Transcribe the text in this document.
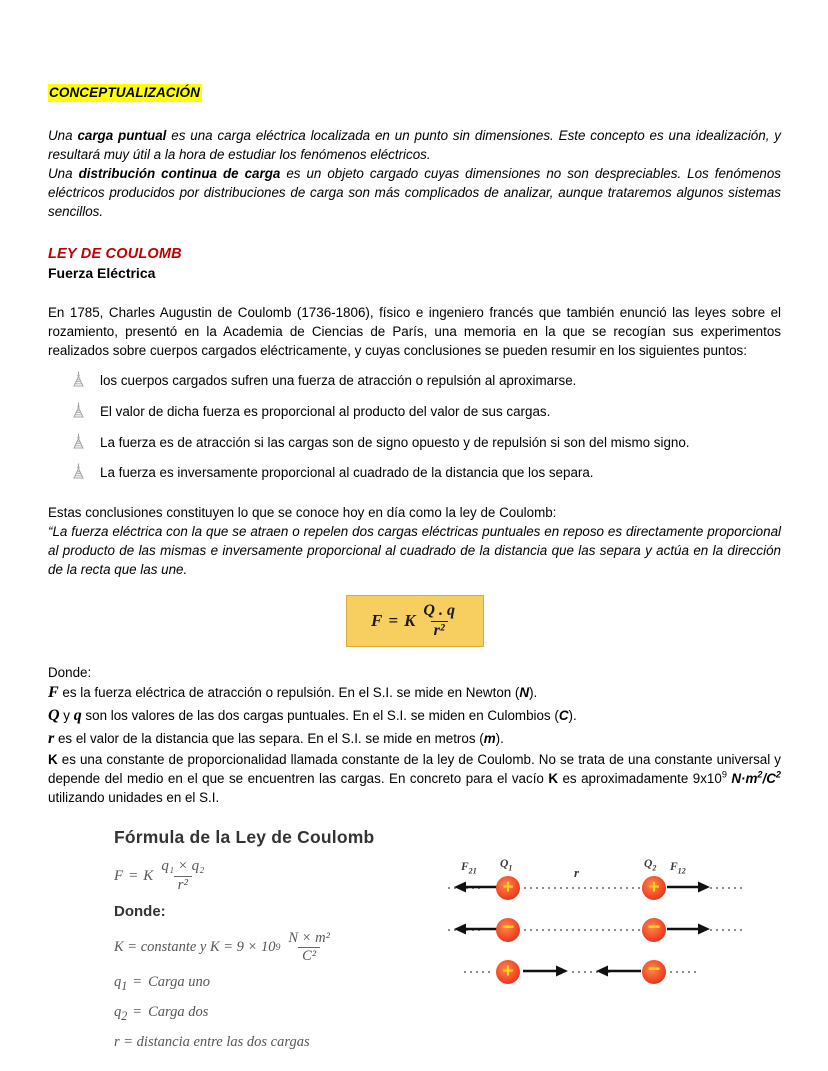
CONCEPTUALIZACIÓN

Una carga puntual es una carga eléctrica localizada en un punto sin dimensiones. Este concepto es una idealización, y resultará muy útil a la hora de estudiar los fenómenos eléctricos.

Una distribución continua de carga es un objeto cargado cuyas dimensiones no son despreciables. Los fenómenos eléctricos producidos por distribuciones de carga son más complicados de analizar, aunque trataremos algunos sistemas sencillos.

LEY DE COULOMB
Fuerza Eléctrica

En 1785, Charles Augustin de Coulomb (1736-1806), físico e ingeniero francés que también enunció las leyes sobre el rozamiento, presentó en la Academia de Ciencias de París, una memoria en la que se recogían sus experimentos realizados sobre cuerpos cargados eléctricamente, y cuyas conclusiones se pueden resumir en los siguientes puntos:

los cuerpos cargados sufren una fuerza de atracción o repulsión al aproximarse.
El valor de dicha fuerza es proporcional al producto del valor de sus cargas.
La fuerza es de atracción si las cargas son de signo opuesto y de repulsión si son del mismo signo.
La fuerza es inversamente proporcional al cuadrado de la distancia que los separa.

Estas conclusiones constituyen lo que se conoce hoy en día como la ley de Coulomb:

“La fuerza eléctrica con la que se atraen o repelen dos cargas eléctricas puntuales en reposo es directamente proporcional al producto de las mismas e inversamente proporcional al cuadrado de la distancia que las separa y actúa en la dirección de la recta que las une.

F = K $\frac{Q . q}{\text{r²}}$
Donde:
F es la fuerza eléctrica de atracción o repulsión. En el S.I. se mide en Newton (N).
Q y q son los valores de las dos cargas puntuales. En el S.I. se miden en Culombios (C).
r es el valor de la distancia que las separa. En el S.I. se mide en metros (m).

K es una constante de proporcionalidad llamada constante de la ley de Coulomb. No se trata de una constante universal y depende del medio en el que se encuentren las cargas. En concreto para el vacío K es aproximadamente $9x10^9$ $N\cdot m^2/C^2$ utilizando unidades en el S.I.

Fórmula de la Ley de Coulomb
F = K $\frac{\text{q₁ × q₂}}{\text{r²}}$
Donde:
K = constante y K = 9 × 10 $9 \frac{\text{N × m²}}{\text{C²}}$
$q_1$ = Carga uno
$q_2$ = Carga dos
r = distancia entre las dos cargas
$F_{21}$
+
$Q_1$	r
+
$Q_2$ $F_{12}$
−	−
+	−
